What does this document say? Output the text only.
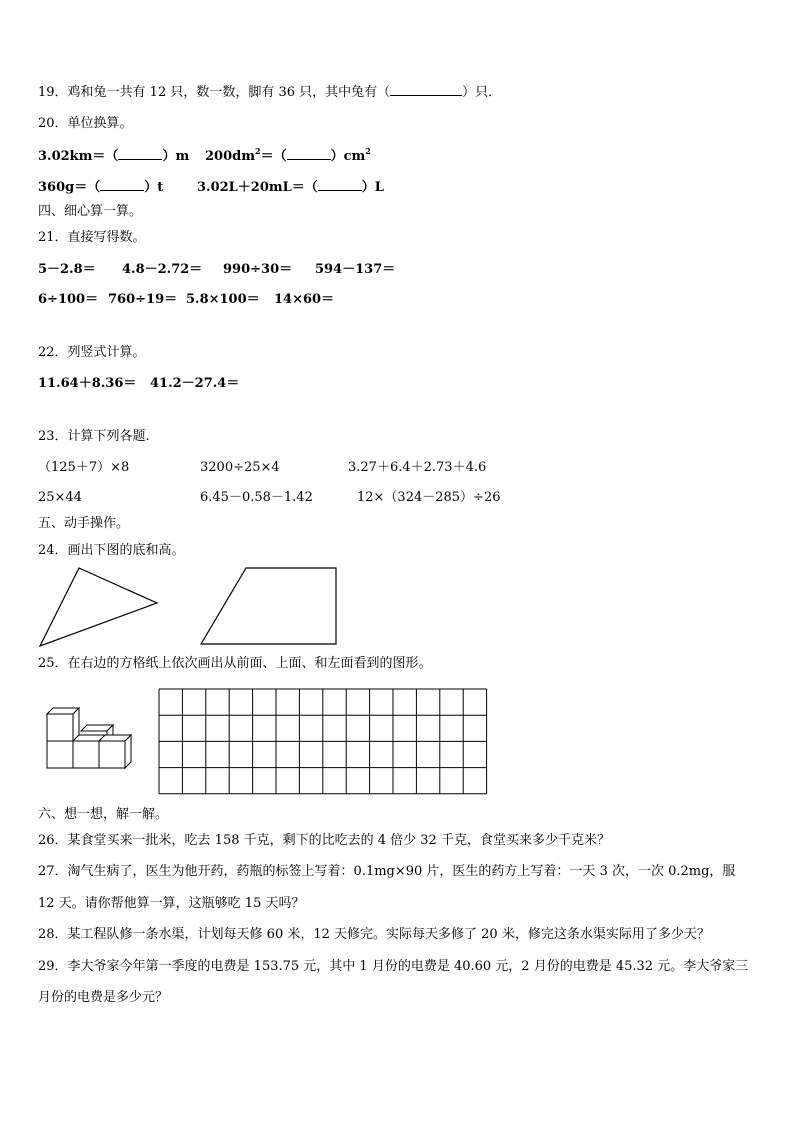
19．鸡和兔一共有 12 只，数一数，脚有 36 只，其中兔有（	）只．
20．单位换算。
3.02km＝（	）m $200dm^2=$（	）$cm^2$
360g＝（	）t	3.02L＋20mL＝（	）L
四、细心算一算。
21．直接写得数。
5－2.8＝ 4.8－2.72＝ 990÷30＝ 594－137＝
6÷100＝ 760÷19＝ 5.8×100＝ 14×60＝
22．列竖式计算。
11.64＋8.36＝ 41.2－27.4＝
23．计算下列各题.
（125＋7）×8	3200÷25×4	3.27＋6.4＋2.73＋4.6
25×44	6.45－0.58－1.42	12×（324－285）÷26
五、动手操作。
24．画出下图的底和高。
25．在右边的方格纸上依次画出从前面、上面、和左面看到的图形。
六、想一想，解一解。
26．某食堂买来一批米，吃去 158 千克，剩下的比吃去的 4 倍少 32 千克，食堂买来多少千克米？
27．淘气生病了，医生为他开药，药瓶的标签上写着：0.1mg×90 片，医生的药方上写着：一天 3 次，一次 0.2mg，服
12 天。请你帮他算一算，这瓶够吃 15 天吗？
28．某工程队修一条水渠，计划每天修 60 米，12 天修完。实际每天多修了 20 米，修完这条水渠实际用了多少天？
29．李大爷家今年第一季度的电费是 153.75 元，其中 1 月份的电费是 40.60 元，2 月份的电费是 45.32 元。李大爷家三
月份的电费是多少元？
